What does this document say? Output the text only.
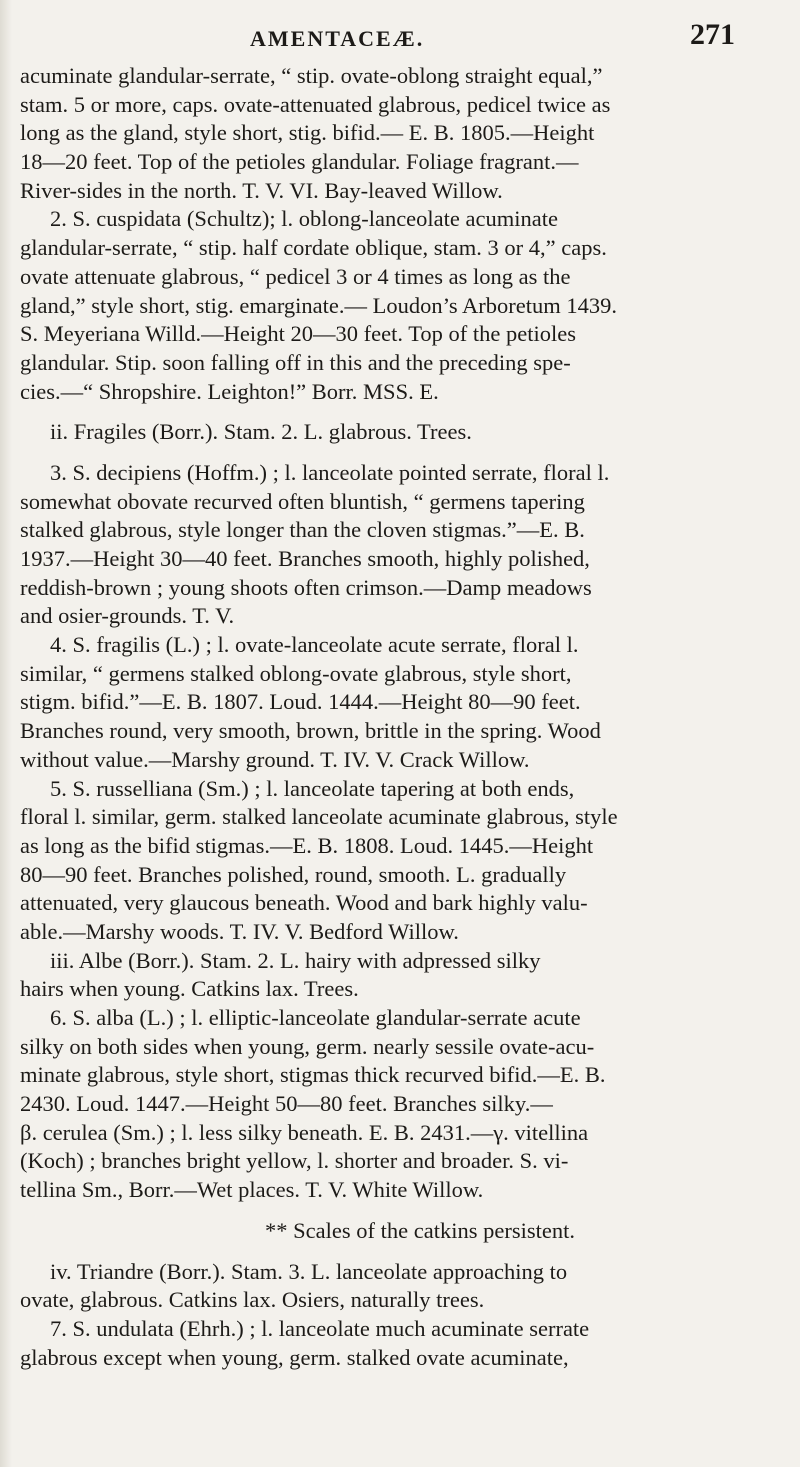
AMENTACEÆ.	271
acuminate glandular-serrate, “ stip. ovate-oblong straight equal,”
stam. 5 or more, caps. ovate-attenuated glabrous, pedicel twice as
long as the gland, style short, stig. bifid.— E. B. 1805.—Height
18—20 feet. Top of the petioles glandular. Foliage fragrant.—
River-sides in the north. T. V. VI. Bay-leaved Willow.
2. S. cuspidata (Schultz); l. oblong-lanceolate acuminate
glandular-serrate, “ stip. half cordate oblique, stam. 3 or 4,” caps.
ovate attenuate glabrous, “ pedicel 3 or 4 times as long as the
gland,” style short, stig. emarginate.— Loudon’s Arboretum 1439.
S. Meyeriana Willd.—Height 20—30 feet. Top of the petioles
glandular. Stip. soon falling off in this and the preceding spe-
cies.—“ Shropshire. Leighton!” Borr. MSS. E.
ii. Fragiles (Borr.). Stam. 2. L. glabrous. Trees.
3. S. decipiens (Hoffm.) ; l. lanceolate pointed serrate, floral l.
somewhat obovate recurved often bluntish, “ germens tapering
stalked glabrous, style longer than the cloven stigmas.”—E. B.
1937.—Height 30—40 feet. Branches smooth, highly polished,
reddish-brown ; young shoots often crimson.—Damp meadows
and osier-grounds. T. V.
4. S. fragilis (L.) ; l. ovate-lanceolate acute serrate, floral l.
similar, “ germens stalked oblong-ovate glabrous, style short,
stigm. bifid.”—E. B. 1807. Loud. 1444.—Height 80—90 feet.
Branches round, very smooth, brown, brittle in the spring. Wood
without value.—Marshy ground. T. IV. V. Crack Willow.
5. S. russelliana (Sm.) ; l. lanceolate tapering at both ends,
floral l. similar, germ. stalked lanceolate acuminate glabrous, style
as long as the bifid stigmas.—E. B. 1808. Loud. 1445.—Height
80—90 feet. Branches polished, round, smooth. L. gradually
attenuated, very glaucous beneath. Wood and bark highly valu-
able.—Marshy woods. T. IV. V. Bedford Willow.
iii. Albe (Borr.). Stam. 2. L. hairy with adpressed silky
hairs when young. Catkins lax. Trees.
6. S. alba (L.) ; l. elliptic-lanceolate glandular-serrate acute
silky on both sides when young, germ. nearly sessile ovate-acu-
minate glabrous, style short, stigmas thick recurved bifid.—E. B.
2430. Loud. 1447.—Height 50—80 feet. Branches silky.—
β. cerulea (Sm.) ; l. less silky beneath. E. B. 2431.—γ. vitellina
(Koch) ; branches bright yellow, l. shorter and broader. S. vi-
tellina Sm., Borr.—Wet places. T. V. White Willow.
** Scales of the catkins persistent.
iv. Triandre (Borr.). Stam. 3. L. lanceolate approaching to
ovate, glabrous. Catkins lax. Osiers, naturally trees.
7. S. undulata (Ehrh.) ; l. lanceolate much acuminate serrate
glabrous except when young, germ. stalked ovate acuminate,
